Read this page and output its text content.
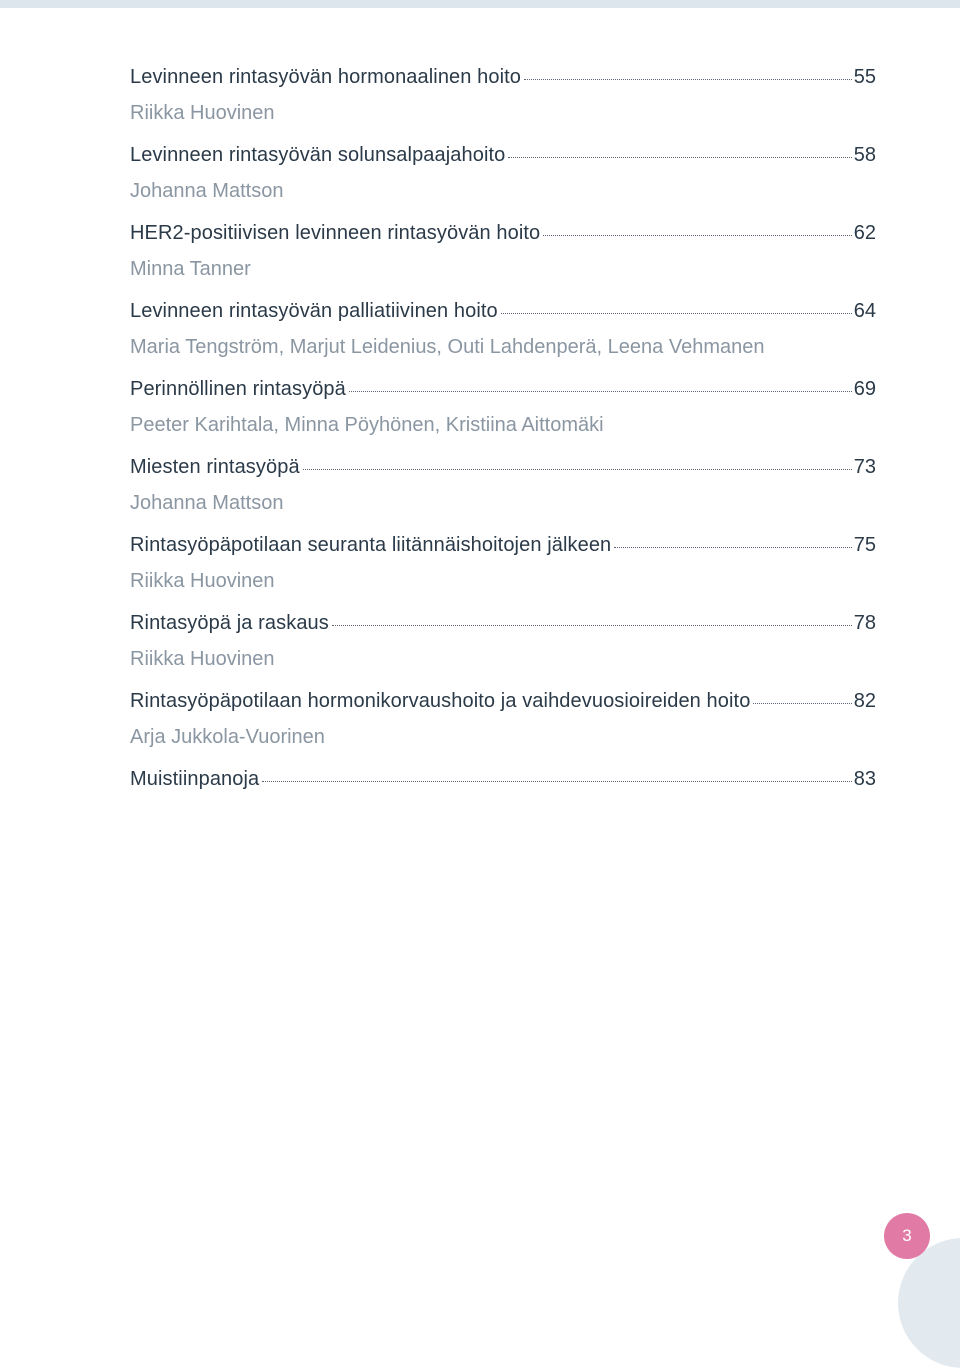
Levinneen rintasyövän hormonaalinen hoito	55
Riikka Huovinen
Levinneen rintasyövän solunsalpaajahoito	58
Johanna Mattson
HER2-positiivisen levinneen rintasyövän hoito	62
Minna Tanner
Levinneen rintasyövän palliatiivinen hoito	64
Maria Tengström, Marjut Leidenius, Outi Lahdenperä, Leena Vehmanen
Perinnöllinen rintasyöpä	69
Peeter Karihtala, Minna Pöyhönen, Kristiina Aittomäki
Miesten rintasyöpä	73
Johanna Mattson
Rintasyöpäpotilaan seuranta liitännäishoitojen jälkeen	75
Riikka Huovinen
Rintasyöpä ja raskaus	78
Riikka Huovinen
Rintasyöpäpotilaan hormonikorvaushoito ja vaihdevuosioireiden hoito	82
Arja Jukkola-Vuorinen
Muistiinpanoja	83
3
